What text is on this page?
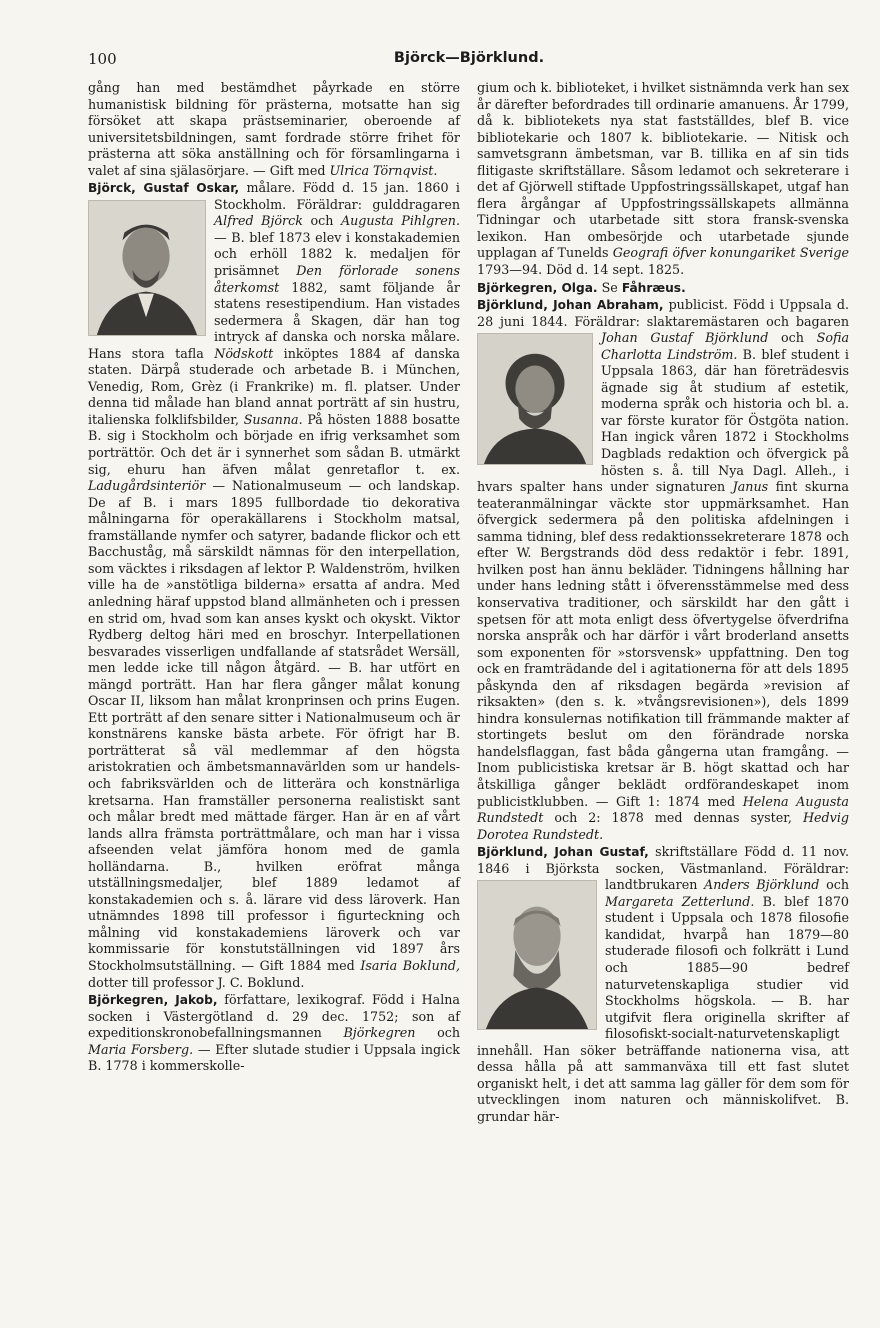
100	Björck—Björklund.

gång han med bestämdhet påyrkade en större humanistisk bildning för prästerna, motsatte han sig försöket att skapa prästseminarier, oberoende af universitetsbildningen, samt fordrade större frihet för prästerna att söka anställning och för församlingarna i valet af sina själasörjare. — Gift med Ulrica Törnqvist.

Björck, Gustaf Oskar, målare. Född d. 15 jan. 1860 i Stockholm. Föräldrar: gulddragaren
Alfred Björck och Augusta Pihlgren. — B. blef 1873 elev i konstakademien och erhöll 1882 k. medaljen för prisämnet Den förlorade sonens återkomst 1882, samt följande år statens resestipendium. Han vistades sedermera å Skagen, där han tog intryck af danska och norska målare. Hans stora tafla Nödskott inköptes 1884 af danska staten. Därpå studerade och arbetade B. i München, Venedig, Rom, Grèz (i Frankrike) m. fl. platser. Under denna tid målade han bland annat porträtt af sin hustru, italienska folklifsbilder, Susanna. På hösten 1888 bosatte B. sig i Stockholm och började en ifrig verksamhet som porträttör. Och det är i synnerhet som sådan B. utmärkt sig, ehuru han äfven målat genretaflor t. ex. Ladugårdsinteriör — Nationalmuseum — och landskap. De af B. i mars 1895 fullbordade tio dekorativa målningarna för operakällarens i Stockholm matsal, framställande nymfer och satyrer, badande flickor och ett Bacchuståg, må särskildt nämnas för den interpellation, som väcktes i riksdagen af lektor P. Waldenström, hvilken ville ha de »anstötliga bilderna» ersatta af andra. Med anledning häraf uppstod bland allmänheten och i pressen en strid om, hvad som kan anses kyskt och okyskt. Viktor Rydberg deltog häri med en broschyr. Interpellationen besvarades visserligen undfallande af statsrådet Wersäll, men ledde icke till någon åtgärd. — B. har utfört en mängd porträtt. Han har flera gånger målat konung Oscar II, liksom han målat kronprinsen och prins Eugen. Ett porträtt af den senare sitter i Nationalmuseum och är konstnärens kanske bästa arbete. För öfrigt har B. porträtterat så väl medlemmar af den högsta aristokratien och ämbetsmannavärlden som ur handels- och fabriksvärlden och de litterära och konstnärliga kretsarna. Han framställer personerna realistiskt sant och målar bredt med mättade färger. Han är en af vårt lands allra främsta porträttmålare, och man har i vissa afseenden velat jämföra honom med de gamla holländarna. B., hvilken eröfrat många utställningsmedaljer, blef 1889 ledamot af konstakademien och s. å. lärare vid dess läroverk. Han utnämndes 1898 till professor i figurteckning och målning vid konstakademiens läroverk och var kommissarie för konstutställningen vid 1897 års Stockholmsutställning. — Gift 1884 med Isaria Boklund, dotter till professor J. C. Boklund.

Björkegren, Jakob, författare, lexikograf. Född i Halna socken i Västergötland d. 29 dec. 1752; son af expeditionskronobefallningsmannen Björkegren och Maria Forsberg. — Efter slutade studier i Uppsala ingick B. 1778 i kommerskolle-

gium och k. biblioteket, i hvilket sistnämnda verk han sex år därefter befordrades till ordinarie amanuens. År 1799, då k. bibliotekets nya stat fastställdes, blef B. vice bibliotekarie och 1807 k. bibliotekarie. — Nitisk och samvetsgrann ämbetsman, var B. tillika en af sin tids flitigaste skriftställare. Såsom ledamot och sekreterare i det af Gjörwell stiftade Uppfostringssällskapet, utgaf han flera årgångar af Uppfostringssällskapets allmänna Tidningar och utarbetade sitt stora fransk-svenska lexikon. Han ombesörjde och utarbetade sjunde upplagan af Tunelds Geografi öfver konungariket Sverige 1793—94. Död d. 14 sept. 1825.

Björkegren, Olga. Se Fåhræus.

Björklund, Johan Abraham, publicist. Född i Uppsala d. 28 juni 1844. Föräldrar: slaktaremästaren och bagaren
Johan Gustaf Björklund och Sofia Charlotta Lindström. B. blef student i Uppsala 1863, där han företrädesvis ägnade sig åt studium af estetik, moderna språk och historia och bl. a. var förste kurator för Östgöta nation. Han ingick våren 1872 i Stockholms Dagblads redaktion och öfvergick på hösten s. å. till Nya Dagl. Alleh., i hvars spalter hans under signaturen Janus fint skurna teateranmälningar väckte stor uppmärksamhet. Han öfvergick sedermera på den politiska afdelningen i samma tidning, blef dess redaktionssekreterare 1878 och efter W. Bergstrands död dess redaktör i febr. 1891, hvilken post han ännu bekläder. Tidningens hållning har under hans ledning stått i öfverensstämmelse med dess konservativa traditioner, och särskildt har den gått i spetsen för att mota enligt dess öfvertygelse öfverdrifna norska anspråk och har därför i vårt broderland ansetts som exponenten för »storsvensk» uppfattning. Den tog ock en framträdande del i agitationerna för att dels 1895 påskynda den af riksdagen begärda »revision af riksakten» (den s. k. »tvångsrevisionen»), dels 1899 hindra konsulernas notifikation till främmande makter af stortingets beslut om den förändrade norska handelsflaggan, fast båda gångerna utan framgång. — Inom publicistiska kretsar är B. högt skattad och har åtskilliga gånger beklädt ordförandeskapet inom publicistklubben. — Gift 1: 1874 med Helena Augusta Rundstedt och 2: 1878 med dennas syster, Hedvig Dorotea Rundstedt.

Björklund, Johan Gustaf, skriftställare Född d. 11 nov. 1846 i Björksta socken, Västmanland. Föräldrar: landtbrukaren
Anders Björklund och Margareta Zetterlund. B. blef 1870 student i Uppsala och 1878 filosofie kandidat, hvarpå han 1879—80 studerade filosofi och folkrätt i Lund och 1885—90 bedref naturvetenskapliga studier vid Stockholms högskola. — B. har utgifvit flera originella skrifter af filosofiskt-socialt-naturvetenskapligt innehåll. Han söker beträffande nationerna visa, att dessa hålla på att sammanväxa till ett fast slutet organiskt helt, i det att samma lag gäller för dem som för utvecklingen inom naturen och människolifvet. B. grundar här-
